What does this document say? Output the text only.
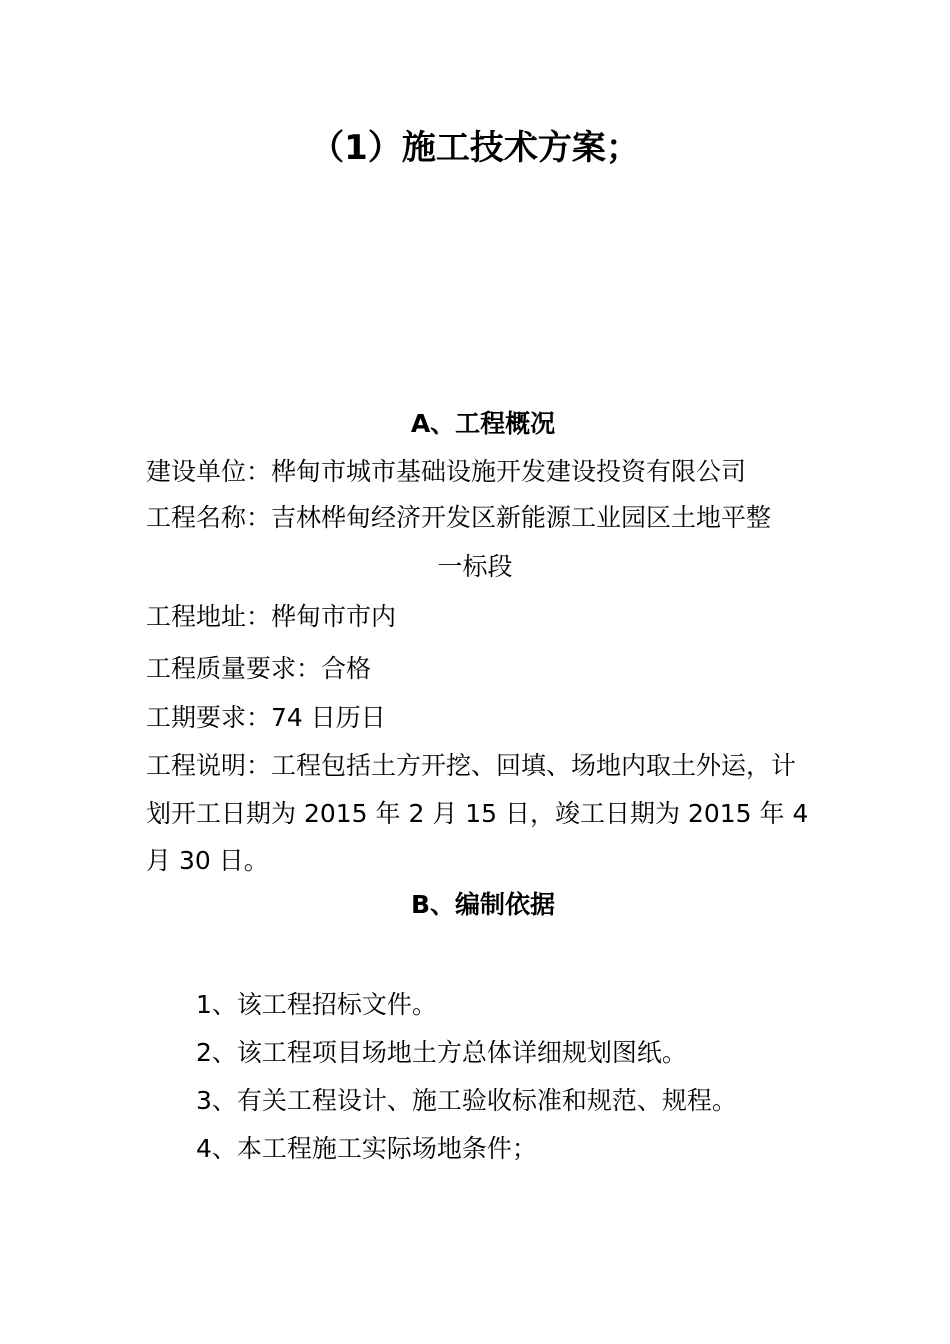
（1）施工技术方案；
A、工程概况
建设单位：桦甸市城市基础设施开发建设投资有限公司
工程名称：吉林桦甸经济开发区新能源工业园区土地平整
一标段
工程地址：桦甸市市内
工程质量要求：合格
工期要求：74 日历日
工程说明：工程包括土方开挖、回填、场地内取土外运，计
划开工日期为 2015 年 2 月 15 日，竣工日期为 2015 年 4
月 30 日。
B、编制依据
1、该工程招标文件。
2、该工程项目场地土方总体详细规划图纸。
3、有关工程设计、施工验收标准和规范、规程。
4、本工程施工实际场地条件；
